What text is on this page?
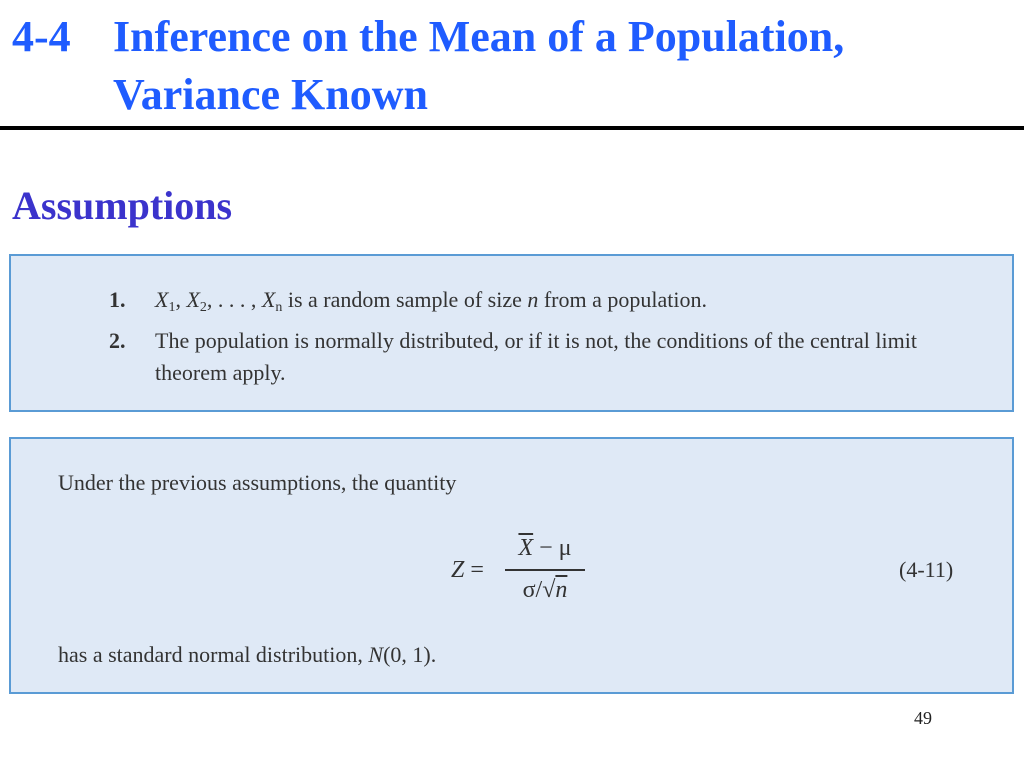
4-4 Inference on the Mean of a Population, Variance Known
Assumptions
1. $X_1$, $X_2$, . . . , $X_n$ is a random sample of size n from a population.
2. The population is normally distributed, or if it is not, the conditions of the central limit theorem apply.
Under the previous assumptions, the quantity
Z =
$\overline{X} - \mu$
σ/√n
(4-11)
has a standard normal distribution, N(0, 1).
49
